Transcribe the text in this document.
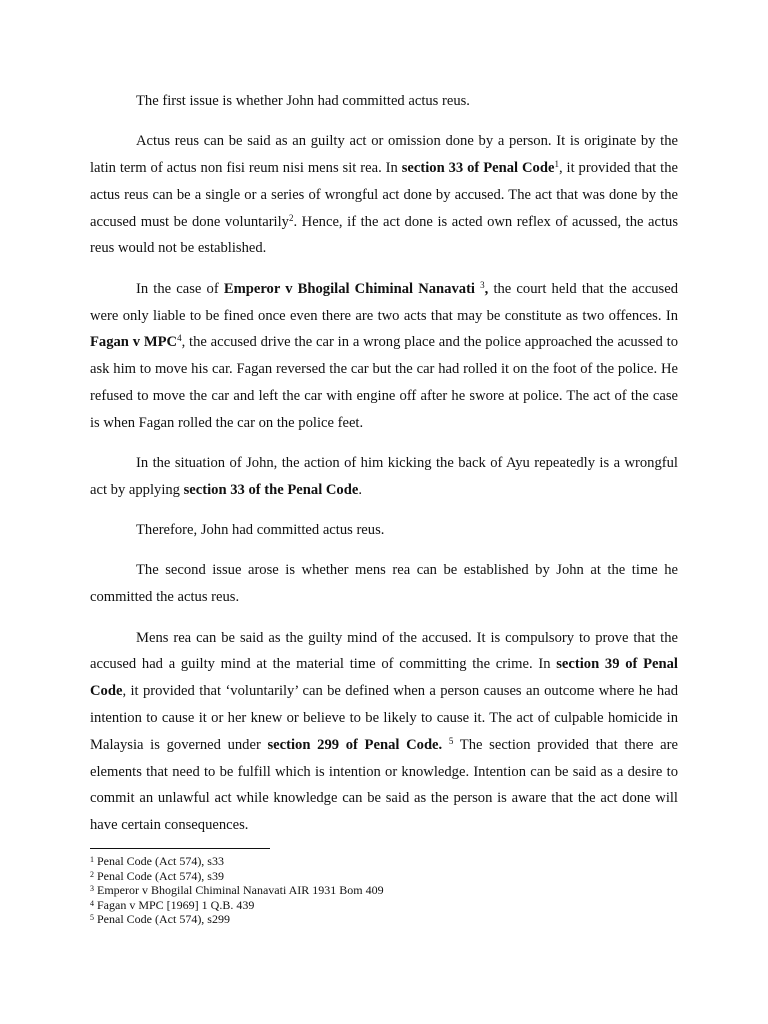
The first issue is whether John had committed actus reus.

Actus reus can be said as an guilty act or omission done by a person. It is originate by the latin term of actus non fisi reum nisi mens sit rea. In section 33 of Penal Code$^1$, it provided that the actus reus can be a single or a series of wrongful act done by accused. The act that was done by the accused must be done voluntarily$^2$. Hence, if the act done is acted own reflex of acussed, the actus reus would not be established.

In the case of Emperor v Bhogilal Chiminal Nanavati $^3$, the court held that the accused were only liable to be fined once even there are two acts that may be constitute as two offences. In Fagan v MPC$^4$, the accused drive the car in a wrong place and the police approached the acussed to ask him to move his car. Fagan reversed the car but the car had rolled it on the foot of the police. He refused to move the car and left the car with engine off after he swore at police. The act of the case is when Fagan rolled the car on the police feet.

In the situation of John, the action of him kicking the back of Ayu repeatedly is a wrongful act by applying section 33 of the Penal Code.

Therefore, John had committed actus reus.

The second issue arose is whether mens rea can be established by John at the time he committed the actus reus.

Mens rea can be said as the guilty mind of the accused. It is compulsory to prove that the accused had a guilty mind at the material time of committing the crime. In section 39 of Penal Code, it provided that ‘voluntarily’ can be defined when a person causes an outcome where he had intention to cause it or her knew or believe to be likely to cause it. The act of culpable homicide in Malaysia is governed under section 299 of Penal Code. $^5$ The section provided that there are elements that need to be fulfill which is intention or knowledge. Intention can be said as a desire to commit an unlawful act while knowledge can be said as the person is aware that the act done will have certain consequences.

$^1$ Penal Code (Act 574), s33
$^2$ Penal Code (Act 574), s39
$^3$ Emperor v Bhogilal Chiminal Nanavati AIR 1931 Bom 409
$^4$ Fagan v MPC [1969] 1 Q.B. 439
$^5$ Penal Code (Act 574), s299
